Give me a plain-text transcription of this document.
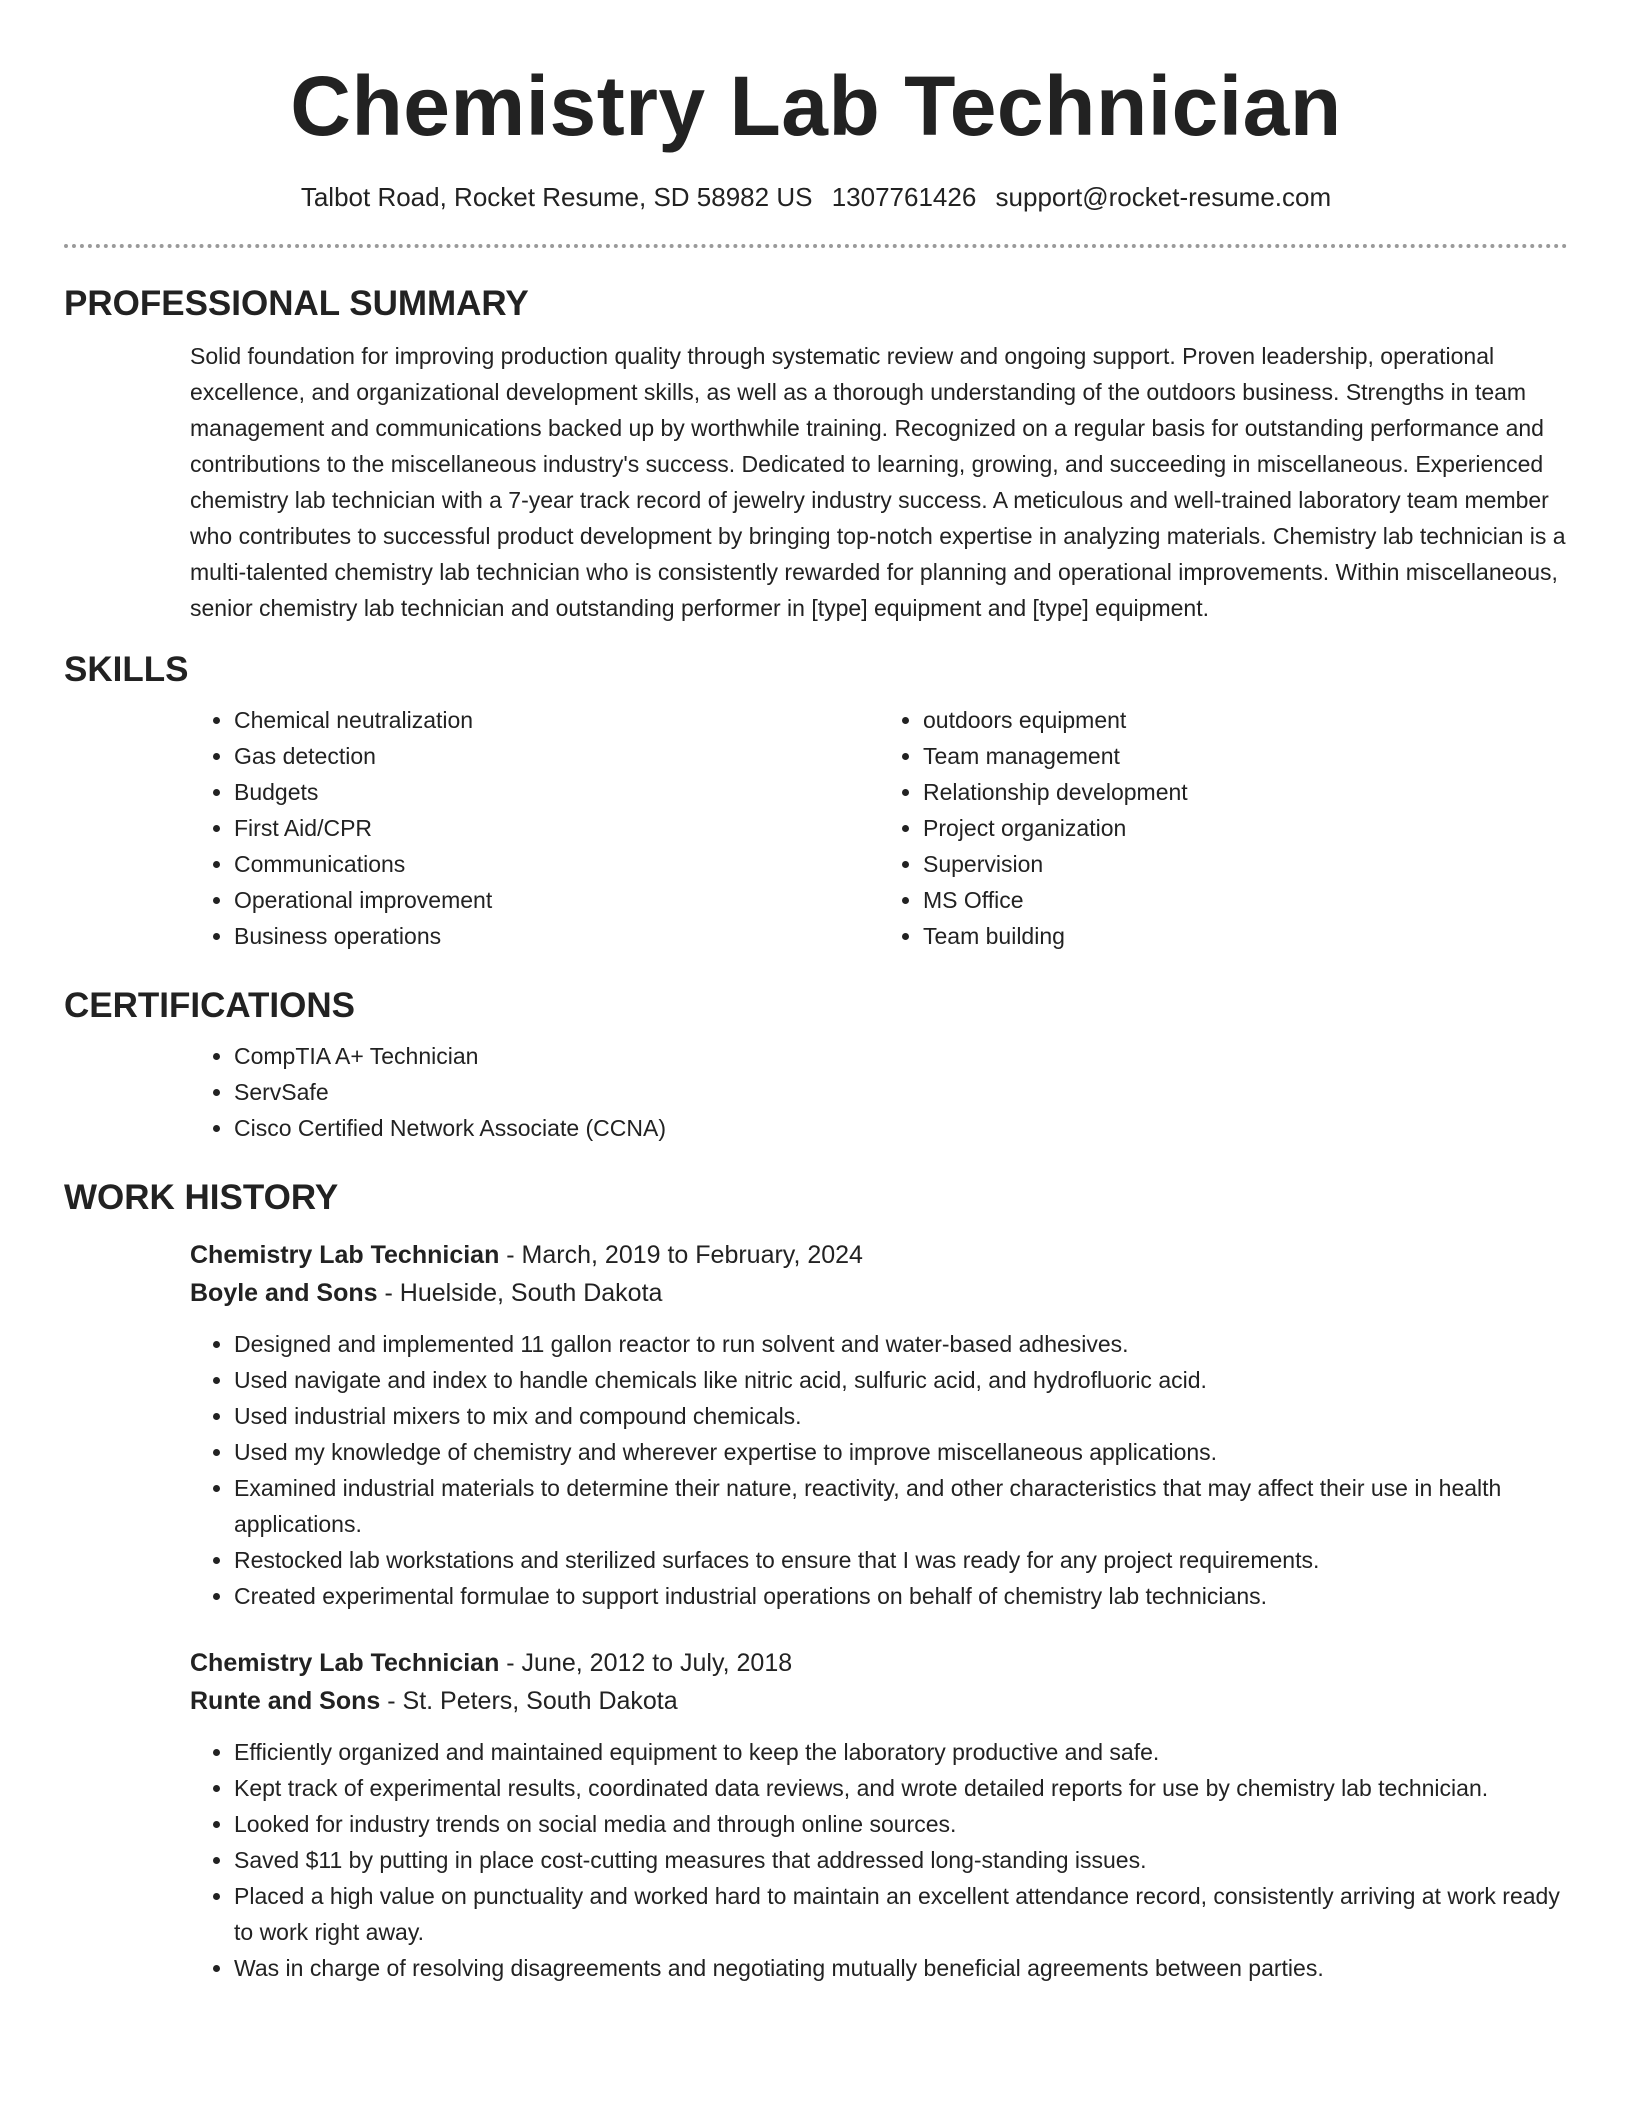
Chemistry Lab Technician
Talbot Road, Rocket Resume, SD 58982 US 1307761426 support@rocket-resume.com
PROFESSIONAL SUMMARY
Solid foundation for improving production quality through systematic review and ongoing support. Proven leadership, operational excellence, and organizational development skills, as well as a thorough understanding of the outdoors business. Strengths in team management and communications backed up by worthwhile training. Recognized on a regular basis for outstanding performance and contributions to the miscellaneous industry's success. Dedicated to learning, growing, and succeeding in miscellaneous. Experienced chemistry lab technician with a 7-year track record of jewelry industry success. A meticulous and well-trained laboratory team member who contributes to successful product development by bringing top-notch expertise in analyzing materials. Chemistry lab technician is a multi-talented chemistry lab technician who is consistently rewarded for planning and operational improvements. Within miscellaneous, senior chemistry lab technician and outstanding performer in [type] equipment and [type] equipment.
SKILLS
• Chemical neutralization
• Gas detection
• Budgets
• First Aid/CPR
• Communications
• Operational improvement
• Business operations
• outdoors equipment
• Team management
• Relationship development
• Project organization
• Supervision
• MS Office
• Team building
CERTIFICATIONS
• CompTIA A+ Technician
• ServSafe
• Cisco Certified Network Associate (CCNA)
WORK HISTORY
Chemistry Lab Technician - March, 2019 to February, 2024
Boyle and Sons - Huelside, South Dakota
• Designed and implemented 11 gallon reactor to run solvent and water-based adhesives.
• Used navigate and index to handle chemicals like nitric acid, sulfuric acid, and hydrofluoric acid.
• Used industrial mixers to mix and compound chemicals.
• Used my knowledge of chemistry and wherever expertise to improve miscellaneous applications.
• Examined industrial materials to determine their nature, reactivity, and other characteristics that may affect their use in health applications.
• Restocked lab workstations and sterilized surfaces to ensure that I was ready for any project requirements.
• Created experimental formulae to support industrial operations on behalf of chemistry lab technicians.
Chemistry Lab Technician - June, 2012 to July, 2018
Runte and Sons - St. Peters, South Dakota
• Efficiently organized and maintained equipment to keep the laboratory productive and safe.
• Kept track of experimental results, coordinated data reviews, and wrote detailed reports for use by chemistry lab technician.
• Looked for industry trends on social media and through online sources.
• Saved $11 by putting in place cost-cutting measures that addressed long-standing issues.
• Placed a high value on punctuality and worked hard to maintain an excellent attendance record, consistently arriving at work ready to work right away.
• Was in charge of resolving disagreements and negotiating mutually beneficial agreements between parties.
